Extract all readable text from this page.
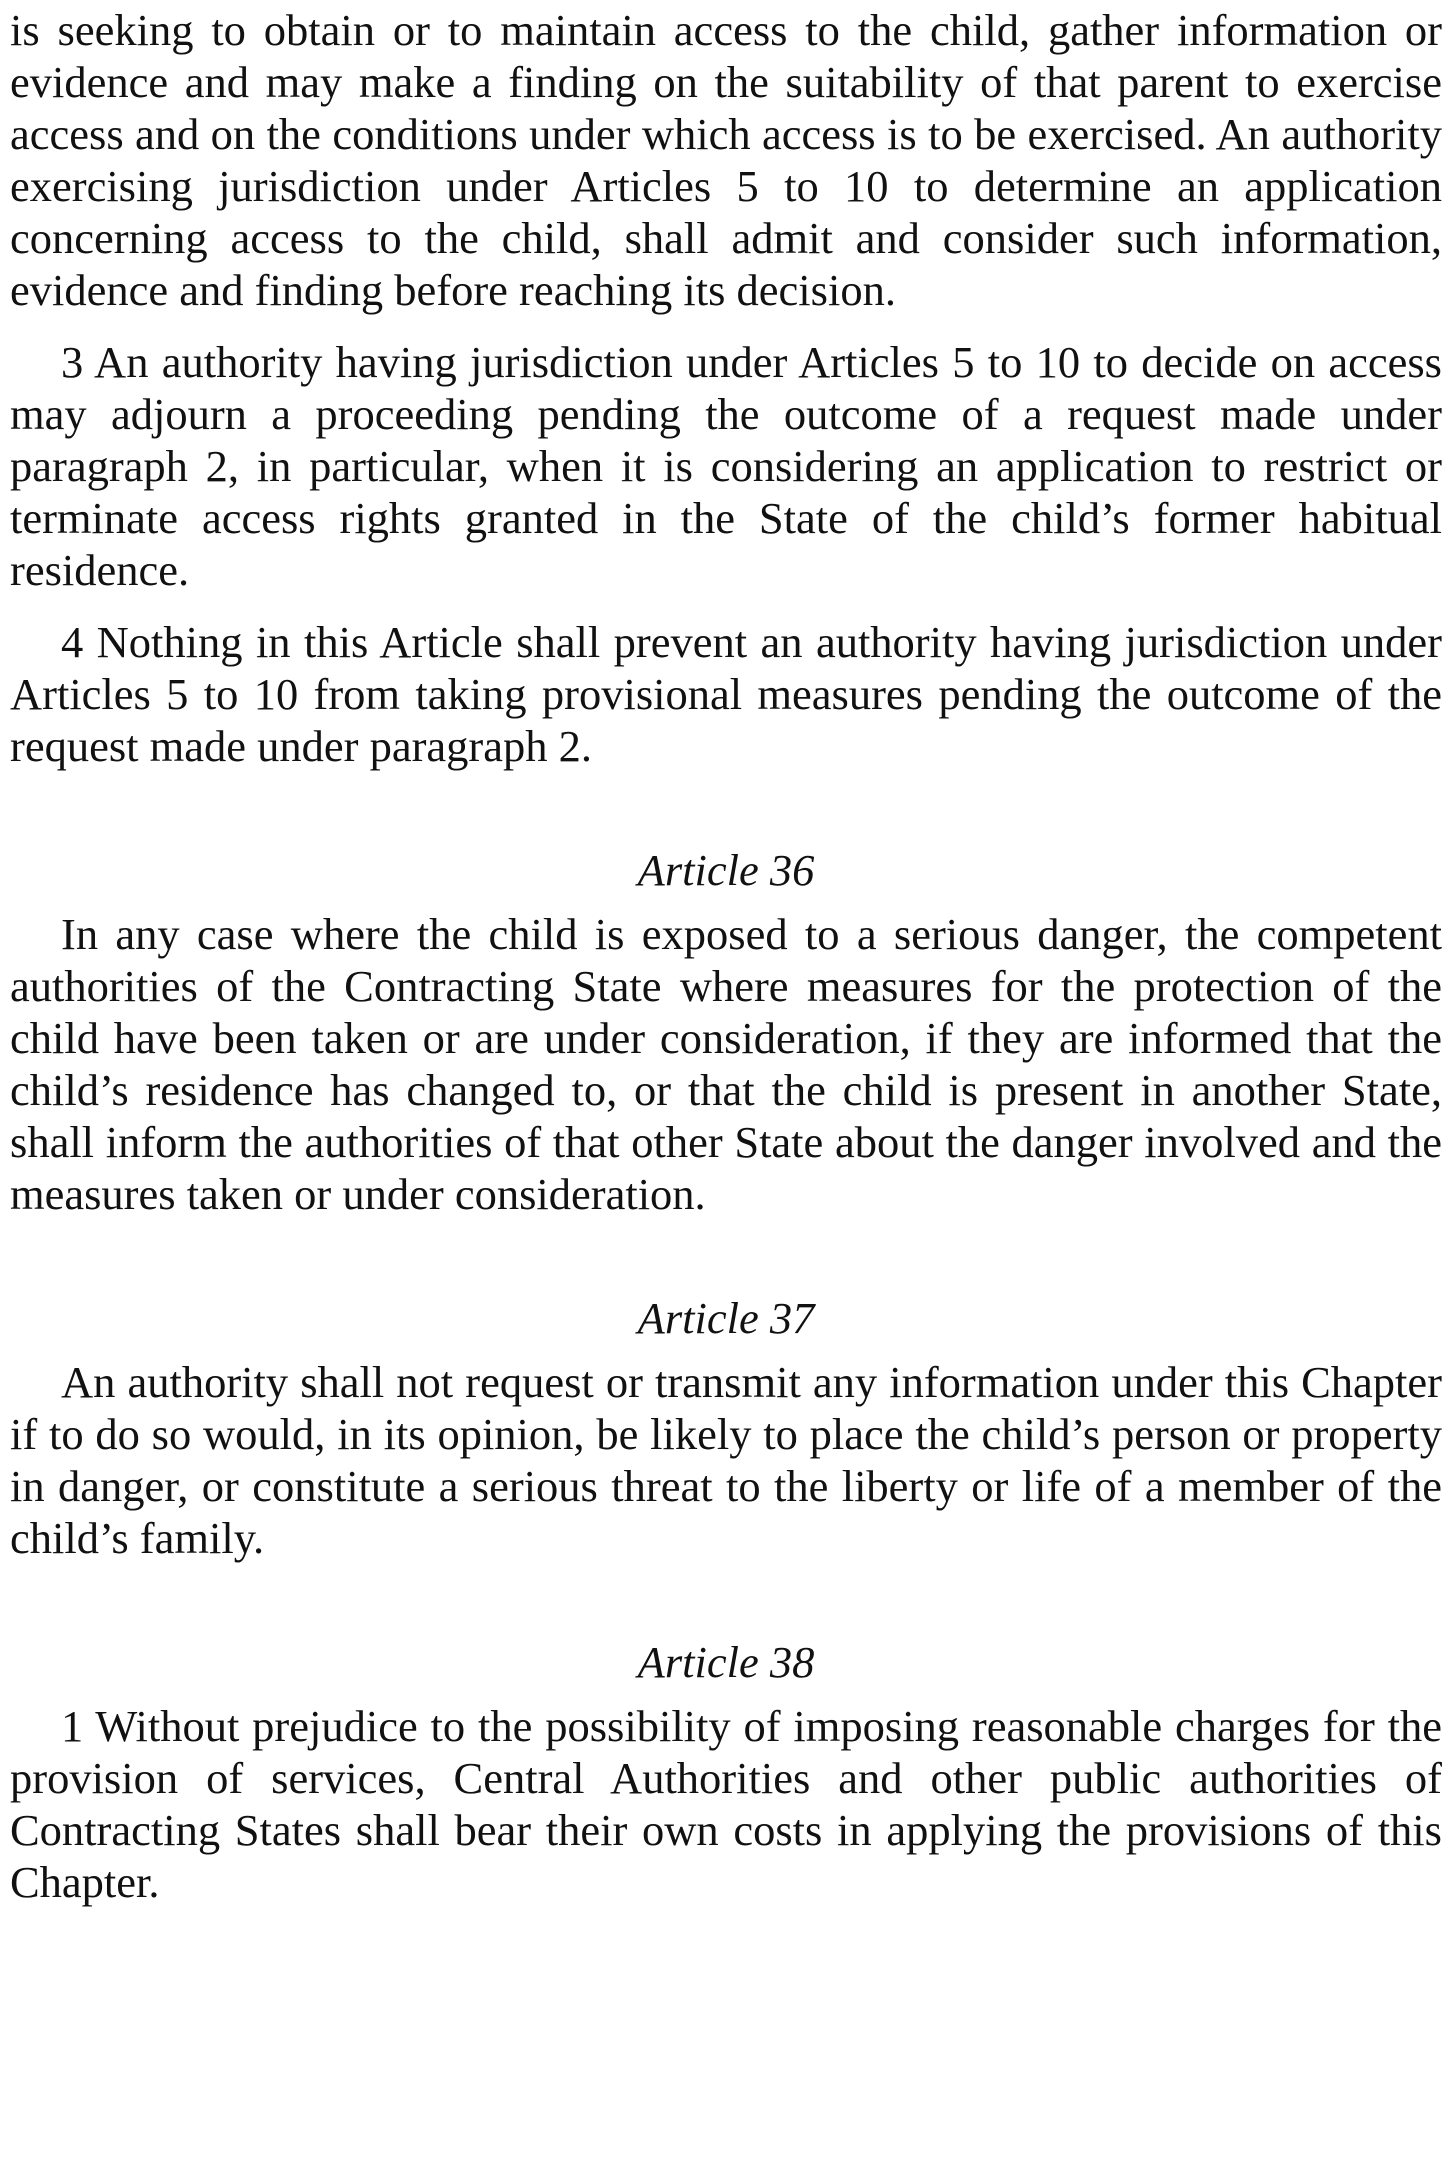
is seeking to obtain or to maintain access to the child, gather information or evidence and may make a finding on the suitability of that parent to exercise access and on the conditions under which access is to be exercised. An authority exercising jurisdiction under Articles 5 to 10 to determine an application concerning access to the child, shall admit and consider such information, evidence and finding before reaching its decision.

3 An authority having jurisdiction under Articles 5 to 10 to decide on access may adjourn a proceeding pending the outcome of a request made under paragraph 2, in particular, when it is considering an application to restrict or terminate access rights granted in the State of the child’s former habitual residence.

4 Nothing in this Article shall prevent an authority having jurisdiction under Articles 5 to 10 from taking provisional measures pending the outcome of the request made under paragraph 2.

Article 36

In any case where the child is exposed to a serious danger, the competent authorities of the Contracting State where measures for the protection of the child have been taken or are under consideration, if they are informed that the child’s residence has changed to, or that the child is present in another State, shall inform the authorities of that other State about the danger involved and the measures taken or under consideration.

Article 37

An authority shall not request or transmit any information under this Chapter if to do so would, in its opinion, be likely to place the child’s person or property in danger, or constitute a serious threat to the liberty or life of a member of the child’s family.

Article 38

1 Without prejudice to the possibility of imposing reasonable charges for the provision of services, Central Authorities and other public authorities of Contracting States shall bear their own costs in applying the provisions of this Chapter.
